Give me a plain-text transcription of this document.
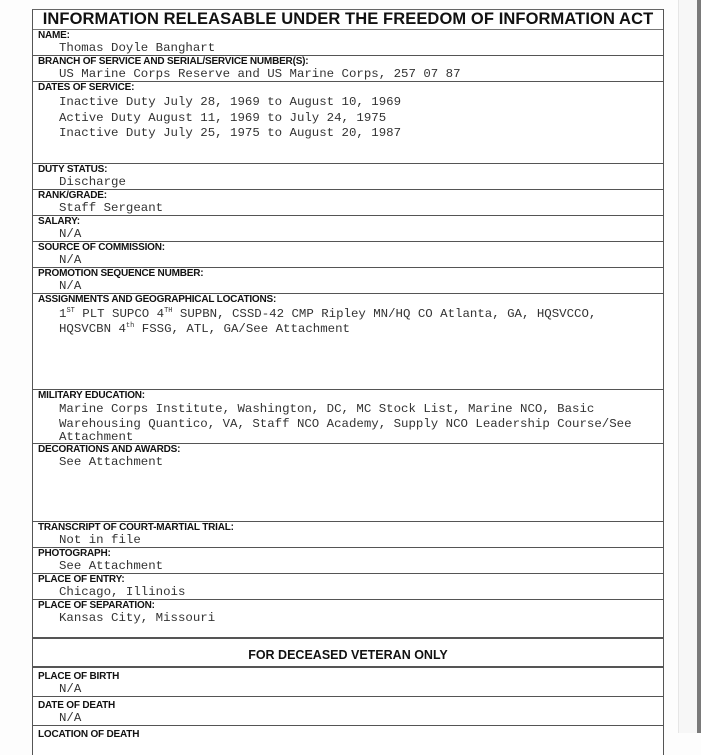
INFORMATION RELEASABLE UNDER THE FREEDOM OF INFORMATION ACT
NAME:
Thomas Doyle Banghart
BRANCH OF SERVICE AND SERIAL/SERVICE NUMBER(S):
US Marine Corps Reserve and US Marine Corps, 257 07 87
DATES OF SERVICE:
Inactive Duty July 28, 1969 to August 10, 1969
Active Duty August 11, 1969 to July 24, 1975
Inactive Duty July 25, 1975 to August 20, 1987
DUTY STATUS:
Discharge
RANK/GRADE:
Staff Sergeant
SALARY:
N/A
SOURCE OF COMMISSION:
N/A
PROMOTION SEQUENCE NUMBER:
N/A
ASSIGNMENTS AND GEOGRAPHICAL LOCATIONS:
1ST PLT SUPCO 4TH SUPBN, CSSD-42 CMP Ripley MN/HQ CO Atlanta, GA, HQSVCCO,
HQSVCBN 4th FSSG, ATL, GA/See Attachment
MILITARY EDUCATION:
Marine Corps Institute, Washington, DC, MC Stock List, Marine NCO, Basic
Warehousing Quantico, VA, Staff NCO Academy, Supply NCO Leadership Course/See
Attachment
DECORATIONS AND AWARDS:
See Attachment
TRANSCRIPT OF COURT-MARTIAL TRIAL:
Not in file
PHOTOGRAPH:
See Attachment
PLACE OF ENTRY:
Chicago, Illinois
PLACE OF SEPARATION:
Kansas City, Missouri
FOR DECEASED VETERAN ONLY
PLACE OF BIRTH
N/A
DATE OF DEATH
N/A
LOCATION OF DEATH
